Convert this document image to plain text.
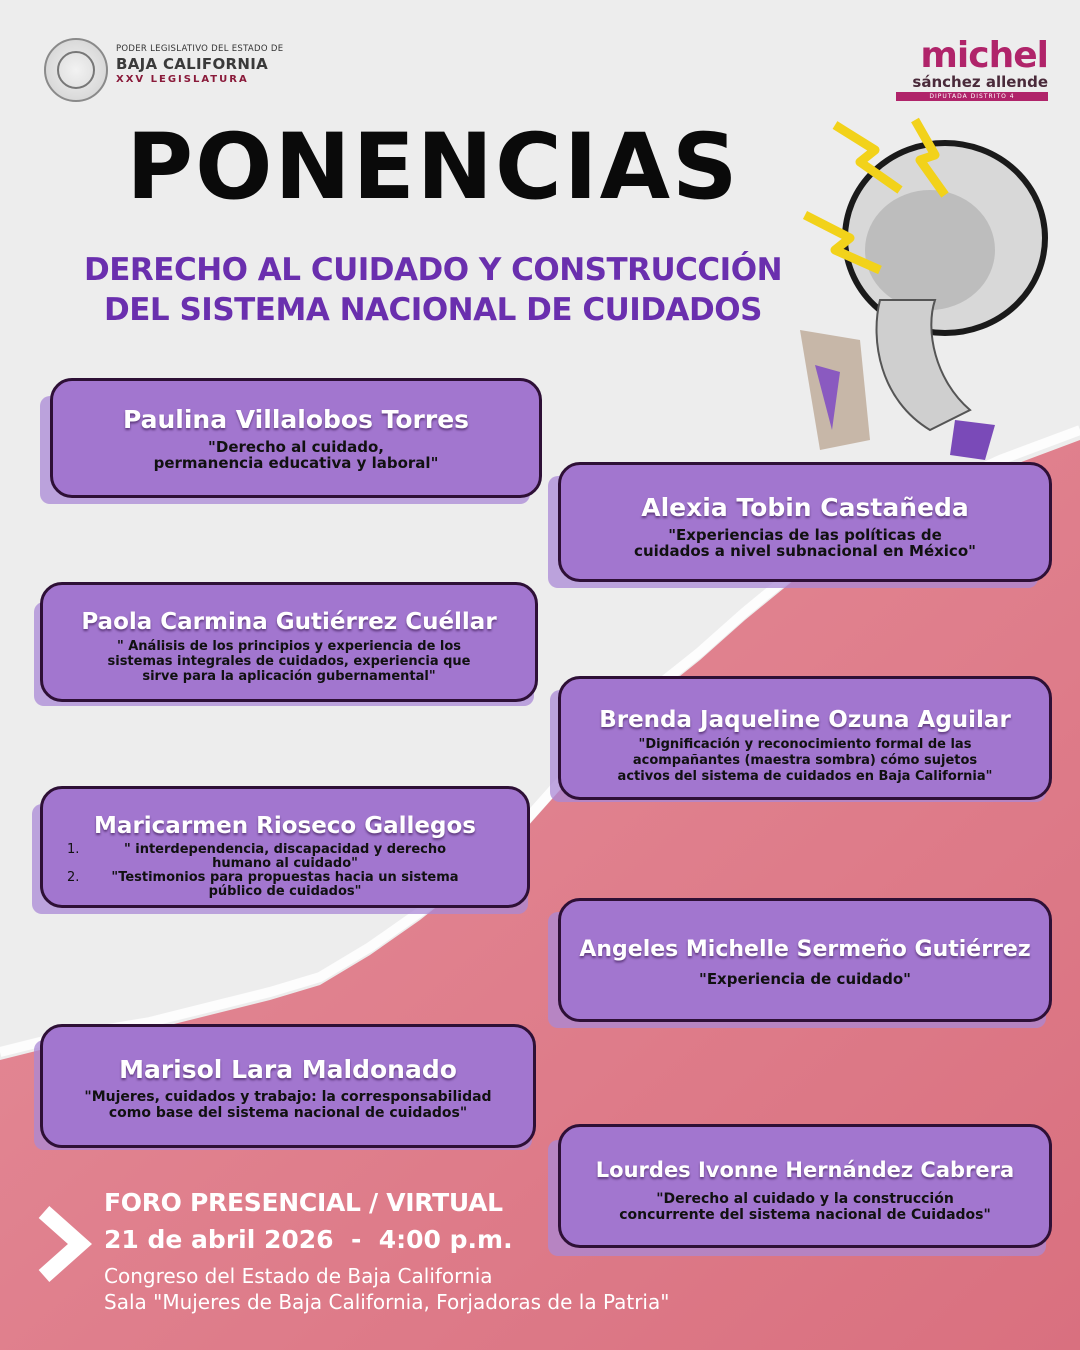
PODER LEGISLATIVO DEL ESTADO DE
BAJA CALIFORNIA
XXV LEGISLATURA
michel
sánchez allende
DIPUTADA DISTRITO 4
PONENCIAS
DERECHO AL CUIDADO Y CONSTRUCCIÓN
DEL SISTEMA NACIONAL DE CUIDADOS
Paulina Villalobos Torres
"Derecho al cuidado,
permanencia educativa y laboral"
Alexia Tobin Castañeda
"Experiencias de las políticas de
cuidados a nivel subnacional en México"
Paola Carmina Gutiérrez Cuéllar
" Análisis de los principios y experiencia de los
sistemas integrales de cuidados, experiencia que
sirve para la aplicación gubernamental"
Brenda Jaqueline Ozuna Aguilar
"Dignificación y reconocimiento formal de las
acompañantes (maestra sombra) cómo sujetos
activos del sistema de cuidados en Baja California"
Maricarmen Rioseco Gallegos
1.	" interdependencia, discapacidad y derecho
humano al cuidado"
2.	"Testimonios para propuestas hacia un sistema
público de cuidados"
Angeles Michelle Sermeño Gutiérrez
"Experiencia de cuidado"
Marisol Lara Maldonado
"Mujeres, cuidados y trabajo: la corresponsabilidad
como base del sistema nacional de cuidados"
Lourdes Ivonne Hernández Cabrera
"Derecho al cuidado y la construcción
concurrente del sistema nacional de Cuidados"
FORO PRESENCIAL / VIRTUAL
21 de abril 2026  -  4:00 p.m.
Congreso del Estado de Baja California
Sala "Mujeres de Baja California, Forjadoras de la Patria"
